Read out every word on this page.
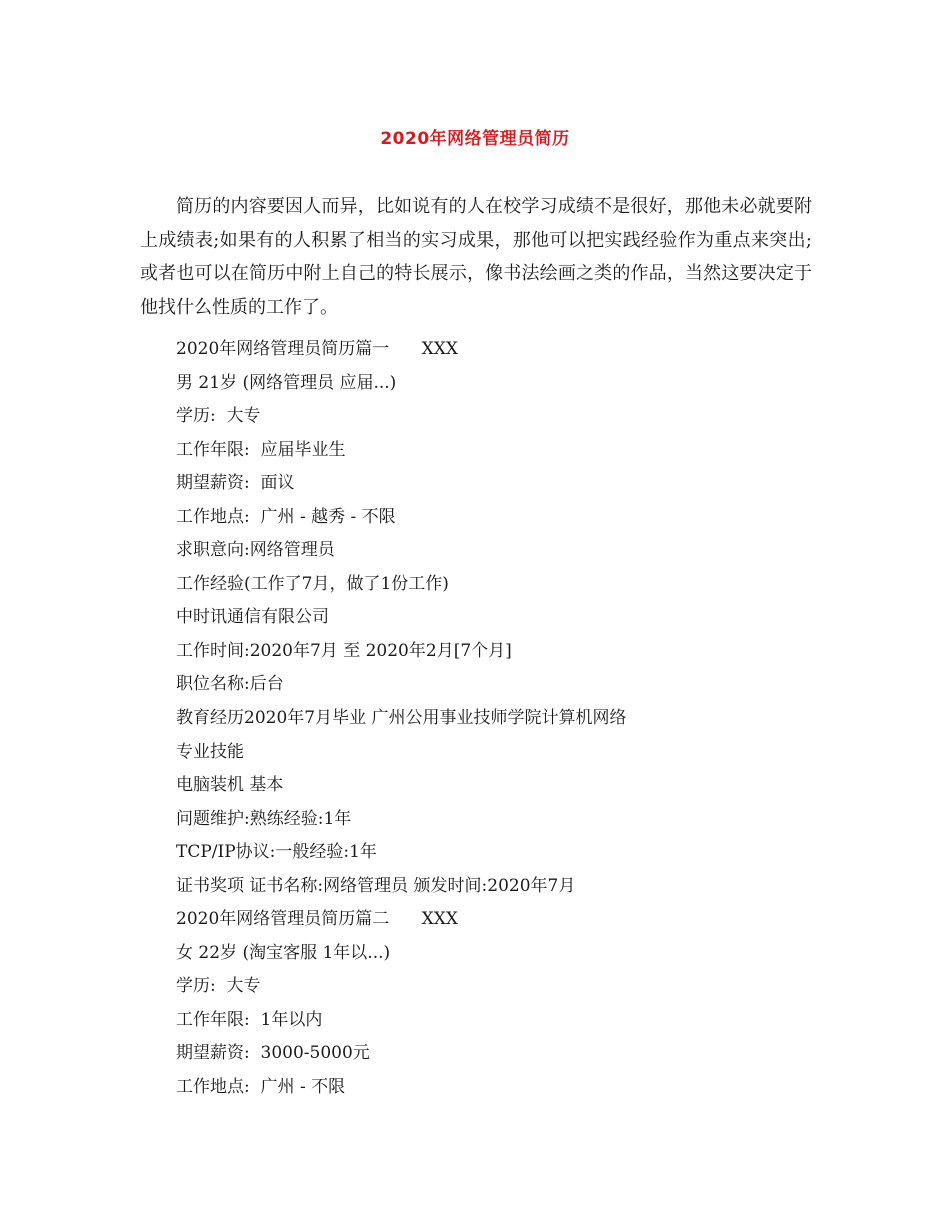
2020年网络管理员简历

简历的内容要因人而异，比如说有的人在校学习成绩不是很好，那他未必就要附上成绩表;如果有的人积累了相当的实习成果，那他可以把实践经验作为重点来突出;或者也可以在简历中附上自己的特长展示，像书法绘画之类的作品，当然这要决定于他找什么性质的工作了。

2020年网络管理员简历篇一      XXX
男 21岁 (网络管理员 应届...)
学历:  大专
工作年限:  应届毕业生
期望薪资:  面议
工作地点:  广州 - 越秀 - 不限
求职意向:网络管理员
工作经验(工作了7月，做了1份工作)
中时讯通信有限公司
工作时间:2020年7月 至 2020年2月[7个月]
职位名称:后台
教育经历2020年7月毕业 广州公用事业技师学院计算机网络
专业技能
电脑装机 基本
问题维护:熟练经验:1年
TCP/IP协议:一般经验:1年
证书奖项 证书名称:网络管理员 颁发时间:2020年7月
2020年网络管理员简历篇二      XXX
女 22岁 (淘宝客服 1年以...)
学历:  大专
工作年限:  1年以内
期望薪资:  3000-5000元
工作地点:  广州 - 不限
